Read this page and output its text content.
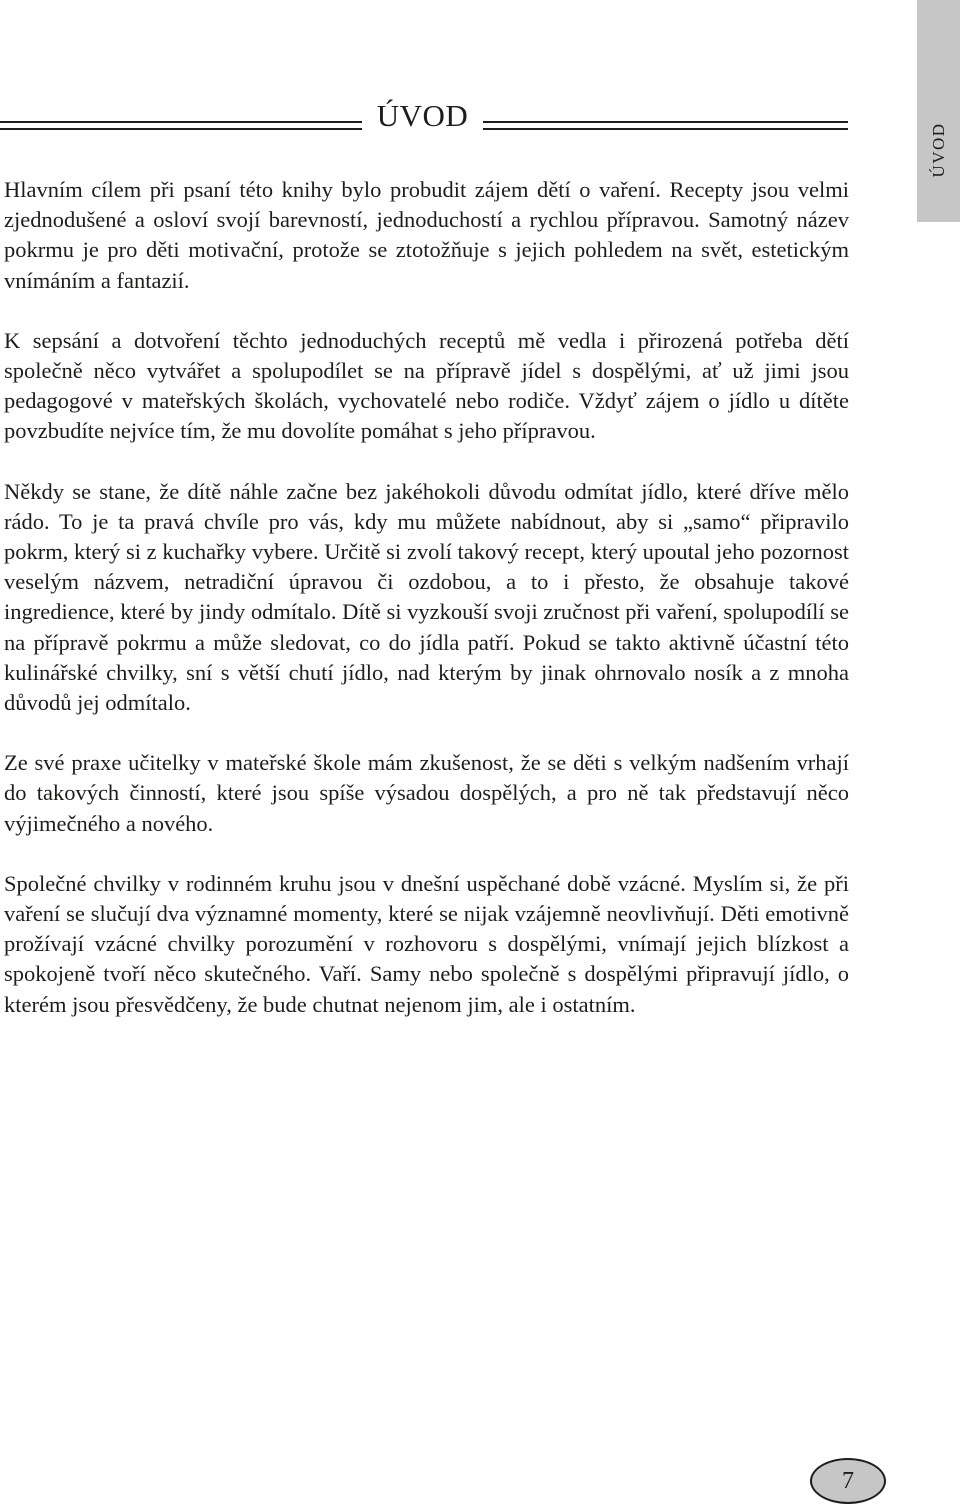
ÚVOD
ÚVOD

Hlavním cílem při psaní této knihy bylo probudit zájem dětí o vaření. Recepty jsou velmi zjednodušené a osloví svojí barevností, jednoduchostí a rychlou přípravou. Samotný název pokrmu je pro děti motivační, protože se ztotožňuje s jejich pohledem na svět, estetickým vnímáním a fantazií.

K sepsání a dotvoření těchto jednoduchých receptů mě vedla i přirozená potřeba dětí společně něco vytvářet a spolupodílet se na přípravě jídel s dospělými, ať už jimi jsou pedagogové v mateřských školách, vychovatelé nebo rodiče. Vždyť zájem o jídlo u dítěte povzbudíte nejvíce tím, že mu dovolíte pomáhat s jeho přípravou.

Někdy se stane, že dítě náhle začne bez jakéhokoli důvodu odmítat jídlo, které dříve mělo rádo. To je ta pravá chvíle pro vás, kdy mu můžete nabídnout, aby si „samo“ připravilo pokrm, který si z kuchařky vybere. Určitě si zvolí takový recept, který upoutal jeho pozornost veselým názvem, netradiční úpravou či ozdobou, a to i přesto, že obsahuje takové ingredience, které by jindy odmítalo. Dítě si vyzkouší svoji zručnost při vaření, spolupodílí se na přípravě pokrmu a může sledovat, co do jídla patří. Pokud se takto aktivně účastní této kulinářské chvilky, sní s větší chutí jídlo, nad kterým by jinak ohrnovalo nosík a z mnoha důvodů jej odmítalo.

Ze své praxe učitelky v mateřské škole mám zkušenost, že se děti s velkým nadšením vrhají do takových činností, které jsou spíše výsadou dospělých, a pro ně tak představují něco výjimečného a nového.

Společné chvilky v rodinném kruhu jsou v dnešní uspěchané době vzácné. Myslím si, že při vaření se slučují dva významné momenty, které se nijak vzájemně neovlivňují. Děti emotivně prožívají vzácné chvilky porozumění v rozhovoru s dospělými, vnímají jejich blízkost a spokojeně tvoří něco skutečného. Vaří. Samy nebo společně s dospělými připravují jídlo, o kterém jsou přesvědčeny, že bude chutnat nejenom jim, ale i ostatním.

7
